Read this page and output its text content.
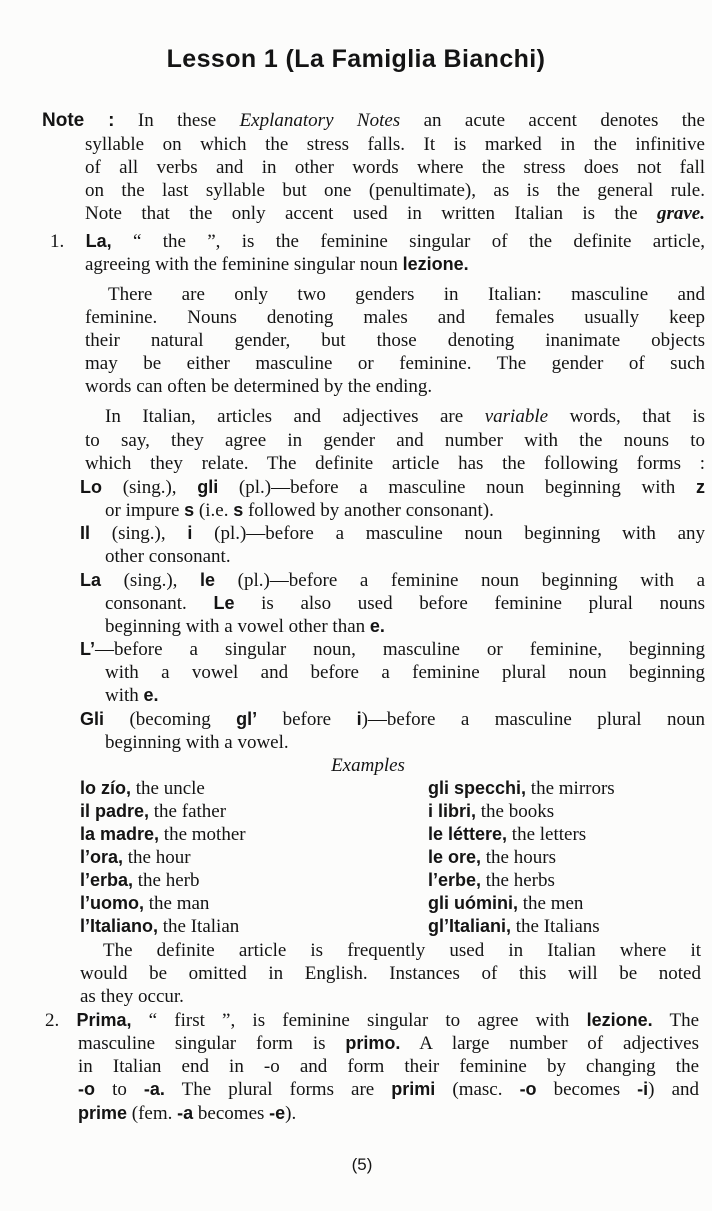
Lesson 1 (La Famiglia Bianchi)
Note : In these Explanatory Notes an acute accent denotes the
syllable on which the stress falls. It is marked in the infinitive
of all verbs and in other words where the stress does not fall
on the last syllable but one (penultimate), as is the general rule.
Note that the only accent used in written Italian is the grave.
1. La, “ the ”, is the feminine singular of the definite article,
agreeing with the feminine singular noun lezione.
There are only two genders in Italian: masculine and
feminine. Nouns denoting males and females usually keep
their natural gender, but those denoting inanimate objects
may be either masculine or feminine. The gender of such
words can often be determined by the ending.
In Italian, articles and adjectives are variable words, that is
to say, they agree in gender and number with the nouns to
which they relate. The definite article has the following forms :
Lo (sing.), gli (pl.)—before a masculine noun beginning with z
or impure s (i.e. s followed by another consonant).
Il (sing.), i (pl.)—before a masculine noun beginning with any
other consonant.
La (sing.), le (pl.)—before a feminine noun beginning with a
consonant. Le is also used before feminine plural nouns
beginning with a vowel other than e.
L’—before a singular noun, masculine or feminine, beginning
with a vowel and before a feminine plural noun beginning
with e.
Gli (becoming gl’ before i)—before a masculine plural noun
beginning with a vowel.
Examples
lo zío, the uncle
il padre, the father
la madre, the mother
l’ora, the hour
l’erba, the herb
l’uomo, the man
l’Italiano, the Italian
gli specchi, the mirrors
i libri, the books
le léttere, the letters
le ore, the hours
l’erbe, the herbs
gli uómini, the men
gl’Italiani, the Italians
The definite article is frequently used in Italian where it
would be omitted in English. Instances of this will be noted
as they occur.
2. Prima, “ first ”, is feminine singular to agree with lezione. The
masculine singular form is primo. A large number of adjectives
in Italian end in -o and form their feminine by changing the
-o to -a. The plural forms are primi (masc. -o becomes -i) and
prime (fem. -a becomes -e).
(5)
